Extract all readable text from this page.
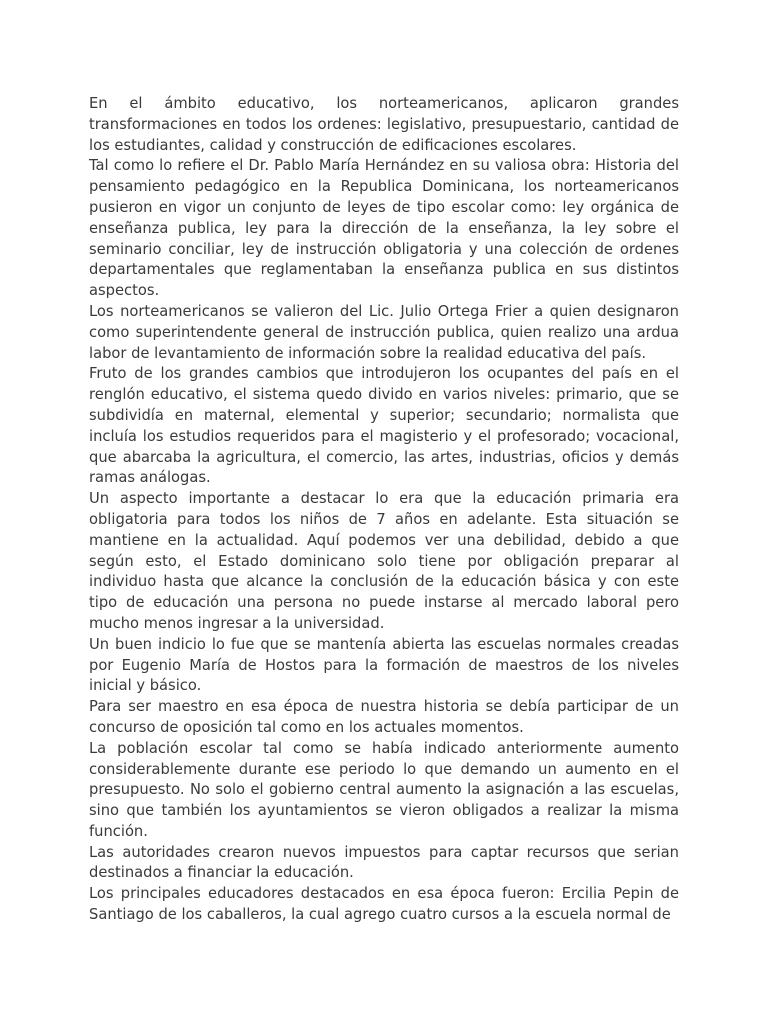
En el ámbito educativo, los norteamericanos, aplicaron grandes transformaciones en todos los ordenes: legislativo, presupuestario, cantidad de los estudiantes, calidad y construcción de edificaciones escolares.

Tal como lo refiere el Dr. Pablo María Hernández en su valiosa obra: Historia del pensamiento pedagógico en la Republica Dominicana, los norteamericanos pusieron en vigor un conjunto de leyes de tipo escolar como: ley orgánica de enseñanza publica, ley para la dirección de la enseñanza, la ley sobre el seminario conciliar, ley de instrucción obligatoria y una colección de ordenes departamentales que reglamentaban la enseñanza publica en sus distintos aspectos.

Los norteamericanos se valieron del Lic. Julio Ortega Frier a quien designaron como superintendente general de instrucción publica, quien realizo una ardua labor de levantamiento de información sobre la realidad educativa del país.

Fruto de los grandes cambios que introdujeron los ocupantes del país en el renglón educativo, el sistema quedo divido en varios niveles: primario, que se subdividía en maternal, elemental y superior; secundario; normalista que incluía los estudios requeridos para el magisterio y el profesorado; vocacional, que abarcaba la agricultura, el comercio, las artes, industrias, oficios y demás ramas análogas.

Un aspecto importante a destacar lo era que la educación primaria era obligatoria para todos los niños de 7 años en adelante. Esta situación se mantiene en la actualidad. Aquí podemos ver una debilidad, debido a que según esto, el Estado dominicano solo tiene por obligación preparar al individuo hasta que alcance la conclusión de la educación básica y con este tipo de educación una persona no puede instarse al mercado laboral pero mucho menos ingresar a la universidad.

Un buen indicio lo fue que se mantenía abierta las escuelas normales creadas por Eugenio María de Hostos para la formación de maestros de los niveles inicial y básico.

Para ser maestro en esa época de nuestra historia se debía participar de un concurso de oposición tal como en los actuales momentos.

La población escolar tal como se había indicado anteriormente aumento considerablemente durante ese periodo lo que demando un aumento en el presupuesto. No solo el gobierno central aumento la asignación a las escuelas, sino que también los ayuntamientos se vieron obligados a realizar la misma función.

Las autoridades crearon nuevos impuestos para captar recursos que serian destinados a financiar la educación.

Los principales educadores destacados en esa época fueron: Ercilia Pepin de Santiago de los caballeros, la cual agrego cuatro cursos a la escuela normal de
